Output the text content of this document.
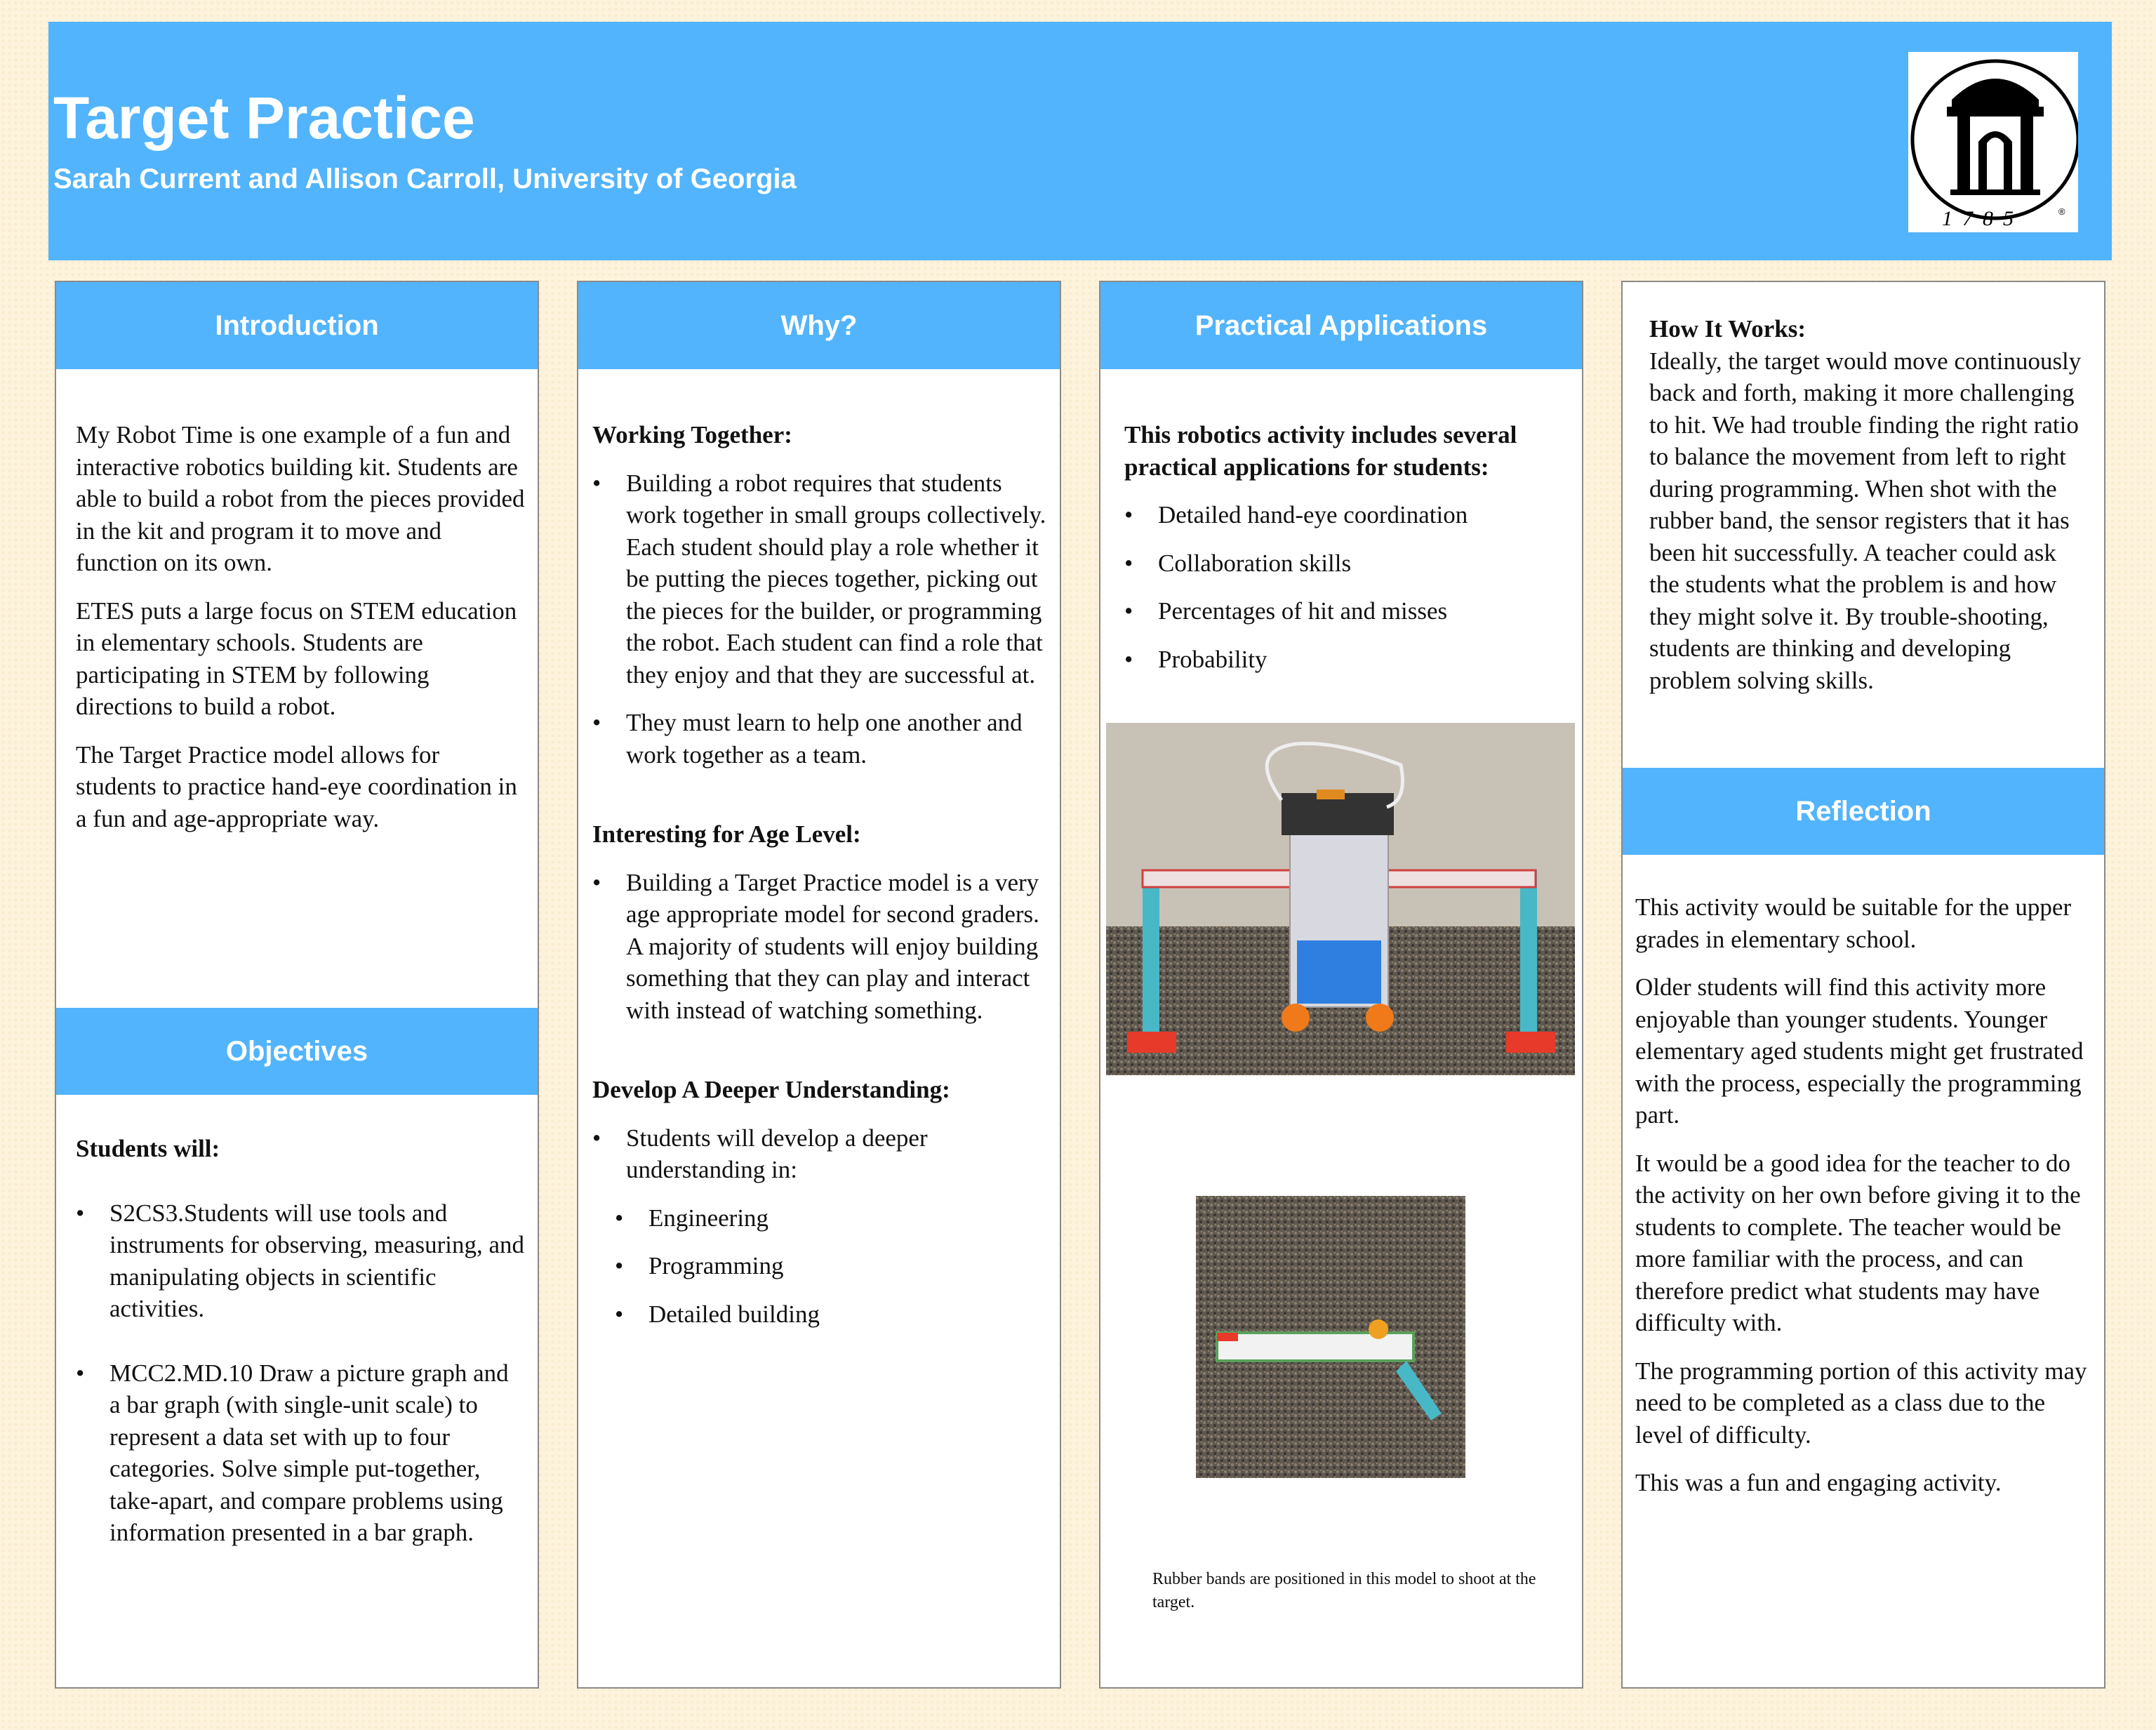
Target Practice

Sarah Current and Allison Carroll, University of Georgia

1785	®
Introduction

My Robot Time is one example of a fun and interactive robotics building kit. Students are able to build a robot from the pieces provided in the kit and program it to move and function on its own.

ETES puts a large focus on STEM education in elementary schools. Students are participating in STEM by following directions to build a robot.

The Target Practice model allows for students to practice hand-eye coordination in a fun and age-appropriate way.

Objectives

Students will:

• S2CS3.Students will use tools and instruments for observing, measuring, and manipulating objects in scientific activities.

• MCC2.MD.10 Draw a picture graph and a bar graph (with single-unit scale) to represent a data set with up to four categories. Solve simple put-together, take-apart, and compare problems using information presented in a bar graph.

Why?

Working Together:

• Building a robot requires that students work together in small groups collectively. Each student should play a role whether it be putting the pieces together, picking out the pieces for the builder, or programming the robot. Each student can find a role that they enjoy and that they are successful at.

• They must learn to help one another and work together as a team.

Interesting for Age Level:

• Building a Target Practice model is a very age appropriate model for second graders. A majority of students will enjoy building something that they can play and interact with instead of watching something.

Develop A Deeper Understanding:

• Students will develop a deeper understanding in:

• Engineering

• Programming

• Detailed building

Practical Applications

This robotics activity includes several practical applications for students:

• Detailed hand-eye coordination

• Collaboration skills

• Percentages of hit and misses

• Probability

Rubber bands are positioned in this model to shoot at the target.

How It Works:

Ideally, the target would move continuously back and forth, making it more challenging to hit. We had trouble finding the right ratio to balance the movement from left to right during programming. When shot with the rubber band, the sensor registers that it has been hit successfully. A teacher could ask the students what the problem is and how they might solve it. By trouble-shooting, students are thinking and developing problem solving skills.

Reflection

This activity would be suitable for the upper grades in elementary school.

Older students will find this activity more enjoyable than younger students. Younger elementary aged students might get frustrated with the process, especially the programming part.

It would be a good idea for the teacher to do the activity on her own before giving it to the students to complete. The teacher would be more familiar with the process, and can therefore predict what students may have difficulty with.

The programming portion of this activity may need to be completed as a class due to the level of difficulty.

This was a fun and engaging activity.
